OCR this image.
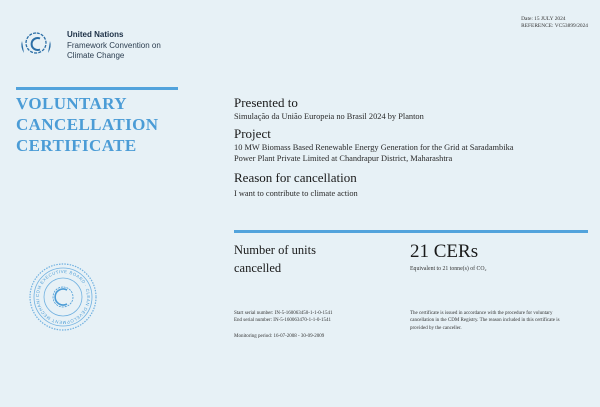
United Nations
Framework Convention on
Climate Change
Date: 15 JULY 2024
REFERENCE: VC53899/2024
VOLUNTARY
CANCELLATION
CERTIFICATE
Presented to
Simulação da União Europeia no Brasil 2024 by Planton
Project
10 MW Biomass Based Renewable Energy Generation for the Grid at Saradambika
Power Plant Private Limited at Chandrapur District, Maharashtra
Reason for cancellation
I want to contribute to climate action
Number of units
cancelled
21 CERs
Equivalent to 21 tonne(s) of CO₂
Start serial number: IN-5-160063450-1-1-0-1541
End serial number: IN-5-160063470-1-1-0-1541
Monitoring period: 16-07-2008 - 30-09-2009
The certificate is issued in accordance with the procedure for voluntary
cancellation in the CDM Registry. The reason included in this certificate is
provided by the canceller.
CDM EXECUTIVE BOARD · CLEAN DEVELOPMENT MECHANI
